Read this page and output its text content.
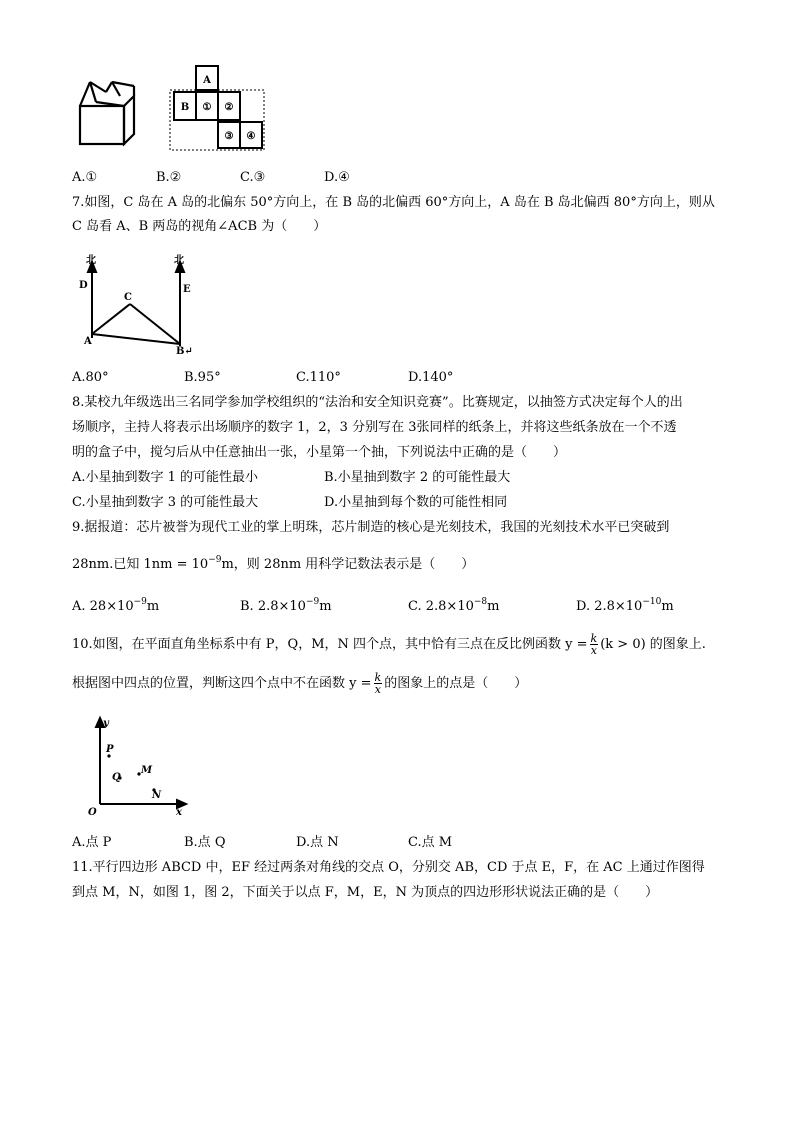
A
B ① ②
③ ④
A.①	B.②	C.③	D.④
7.如图，C 岛在 A 岛的北偏东 50°方向上，在 B 岛的北偏西 60°方向上，A 岛在 B 岛北偏西 80°方向上，则从
C 岛看 A、B 两岛的视角∠ACB 为（　　）
北	北
D	E
C
A
B↵
A.80°	B.95°	C.110°	D.140°
8.某校九年级选出三名同学参加学校组织的“法治和安全知识竞赛”。比赛规定，以抽签方式决定每个人的出
场顺序，主持人将表示出场顺序的数字 1，2，3 分别写在 3张同样的纸条上，并将这些纸条放在一个不透
明的盒子中，搅匀后从中任意抽出一张，小星第一个抽，下列说法中正确的是（　　）
A.小星抽到数字 1 的可能性最小	B.小星抽到数字 2 的可能性最大
C.小星抽到数字 3 的可能性最大	D.小星抽到每个数的可能性相同
9.据报道：芯片被誉为现代工业的掌上明珠，芯片制造的核心是光刻技术，我国的光刻技术水平已突破到
28nm.已知 $1nm = 10^{-9}m$，则 28nm 用科学记数法表示是（　　）
A. $28\times 10^{-9}m$	B. $2.8\times 10^{-9}m$	C. $2.8\times 10^{-8}m$	D. $2.8\times 10^{-10}m$
10.如图，在平面直角坐标系中有 P，Q，M，N 四个点，其中恰有三点在反比例函数 $y = \frac{k}{x} (k > 0)$ 的图象上.
根据图中四点的位置，判断这四个点中不在函数 $y = \frac{k}{x}$ 的图象上的点是（　　）
y
x
O
P
Q
M
N
A.点 P	B.点 Q	D.点 N	C.点 M
11.平行四边形 ABCD 中，EF 经过两条对角线的交点 O，分别交 AB，CD 于点 E，F，在 AC 上通过作图得
到点 M，N，如图 1，图 2，下面关于以点 F，M，E，N 为顶点的四边形形状说法正确的是（　　）
